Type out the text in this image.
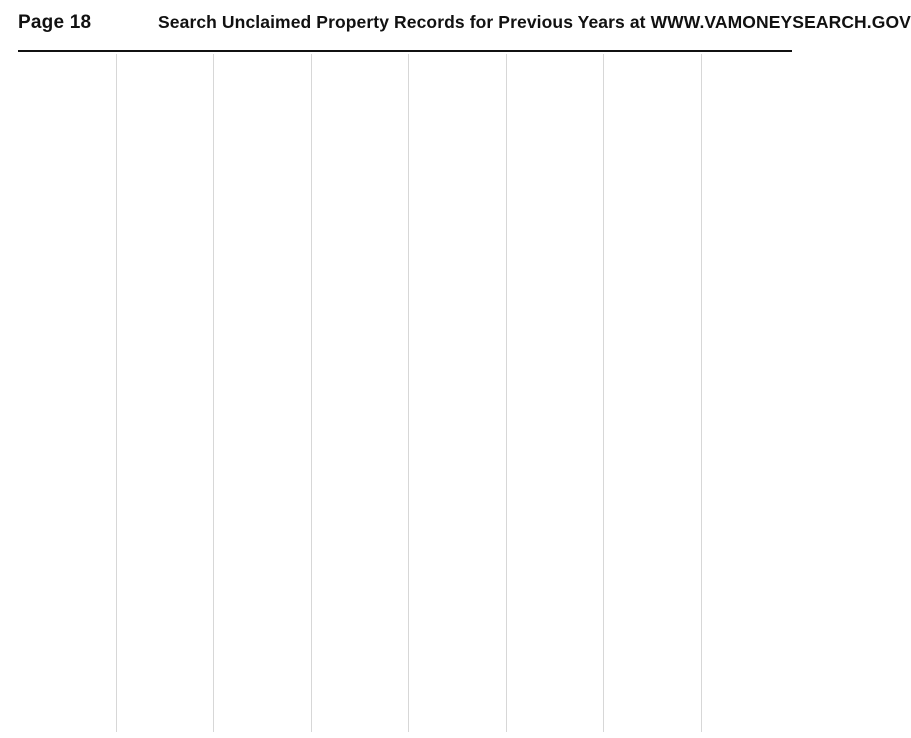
Page 18	Search Unclaimed Property Records for Previous Years at WWW.VAMONEYSEARCH.GOV
